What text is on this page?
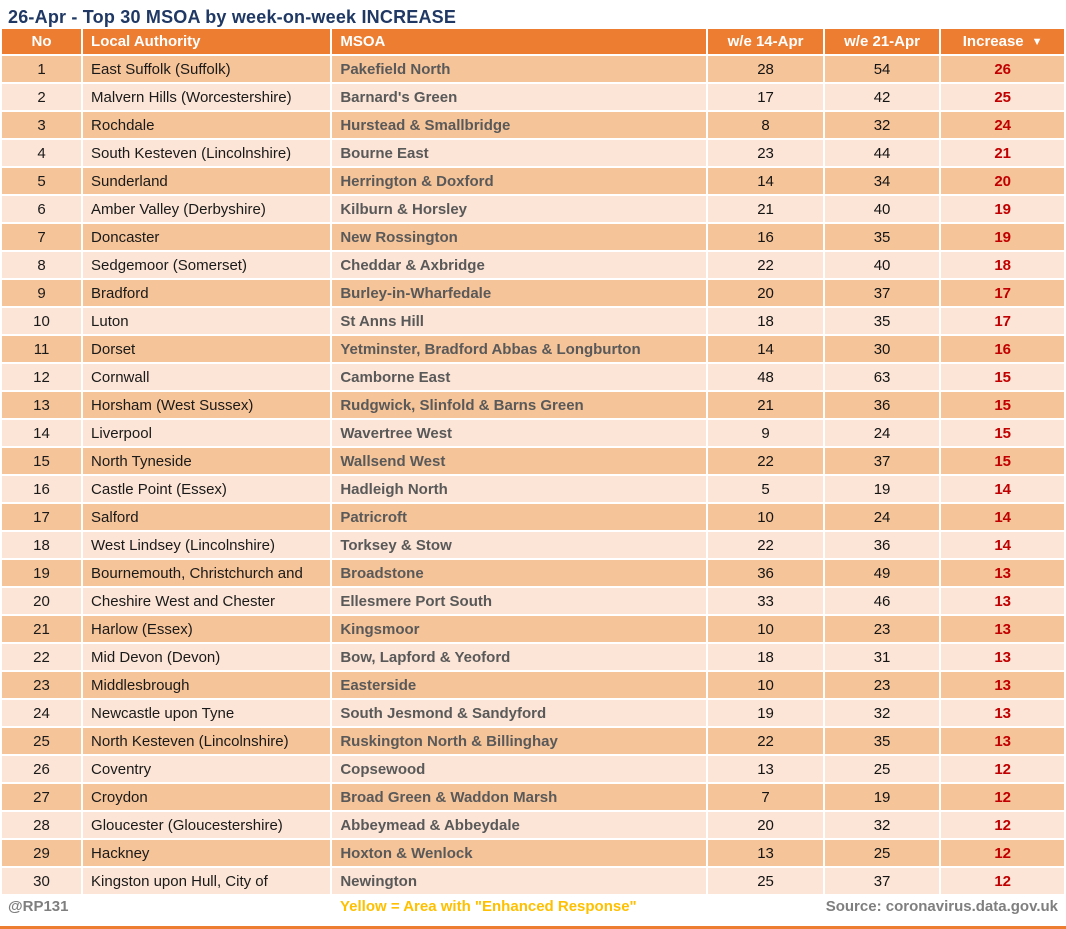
26-Apr - Top 30 MSOA by week-on-week INCREASE
No	Local Authority	MSOA	w/e 14-Apr	w/e 21-Apr	Increase ▼
1	East Suffolk (Suffolk)	Pakefield North	28	54	26
2	Malvern Hills (Worcestershire)	Barnard's Green	17	42	25
3	Rochdale	Hurstead & Smallbridge	8	32	24
4	South Kesteven (Lincolnshire)	Bourne East	23	44	21
5	Sunderland	Herrington & Doxford	14	34	20
6	Amber Valley (Derbyshire)	Kilburn & Horsley	21	40	19
7	Doncaster	New Rossington	16	35	19
8	Sedgemoor (Somerset)	Cheddar & Axbridge	22	40	18
9	Bradford	Burley-in-Wharfedale	20	37	17
10	Luton	St Anns Hill	18	35	17
11	Dorset	Yetminster, Bradford Abbas & Longburton	14	30	16
12	Cornwall	Camborne East	48	63	15
13	Horsham (West Sussex)	Rudgwick, Slinfold & Barns Green	21	36	15
14	Liverpool	Wavertree West	9	24	15
15	North Tyneside	Wallsend West	22	37	15
16	Castle Point (Essex)	Hadleigh North	5	19	14
17	Salford	Patricroft	10	24	14
18	West Lindsey (Lincolnshire)	Torksey & Stow	22	36	14
19	Bournemouth, Christchurch and	Broadstone	36	49	13
20	Cheshire West and Chester	Ellesmere Port South	33	46	13
21	Harlow (Essex)	Kingsmoor	10	23	13
22	Mid Devon (Devon)	Bow, Lapford & Yeoford	18	31	13
23	Middlesbrough	Easterside	10	23	13
24	Newcastle upon Tyne	South Jesmond & Sandyford	19	32	13
25	North Kesteven (Lincolnshire)	Ruskington North & Billinghay	22	35	13
26	Coventry	Copsewood	13	25	12
27	Croydon	Broad Green & Waddon Marsh	7	19	12
28	Gloucester (Gloucestershire)	Abbeymead & Abbeydale	20	32	12
29	Hackney	Hoxton & Wenlock	13	25	12
30	Kingston upon Hull, City of	Newington	25	37	12
@RP131	Yellow = Area with "Enhanced Response"	Source: coronavirus.data.gov.uk
